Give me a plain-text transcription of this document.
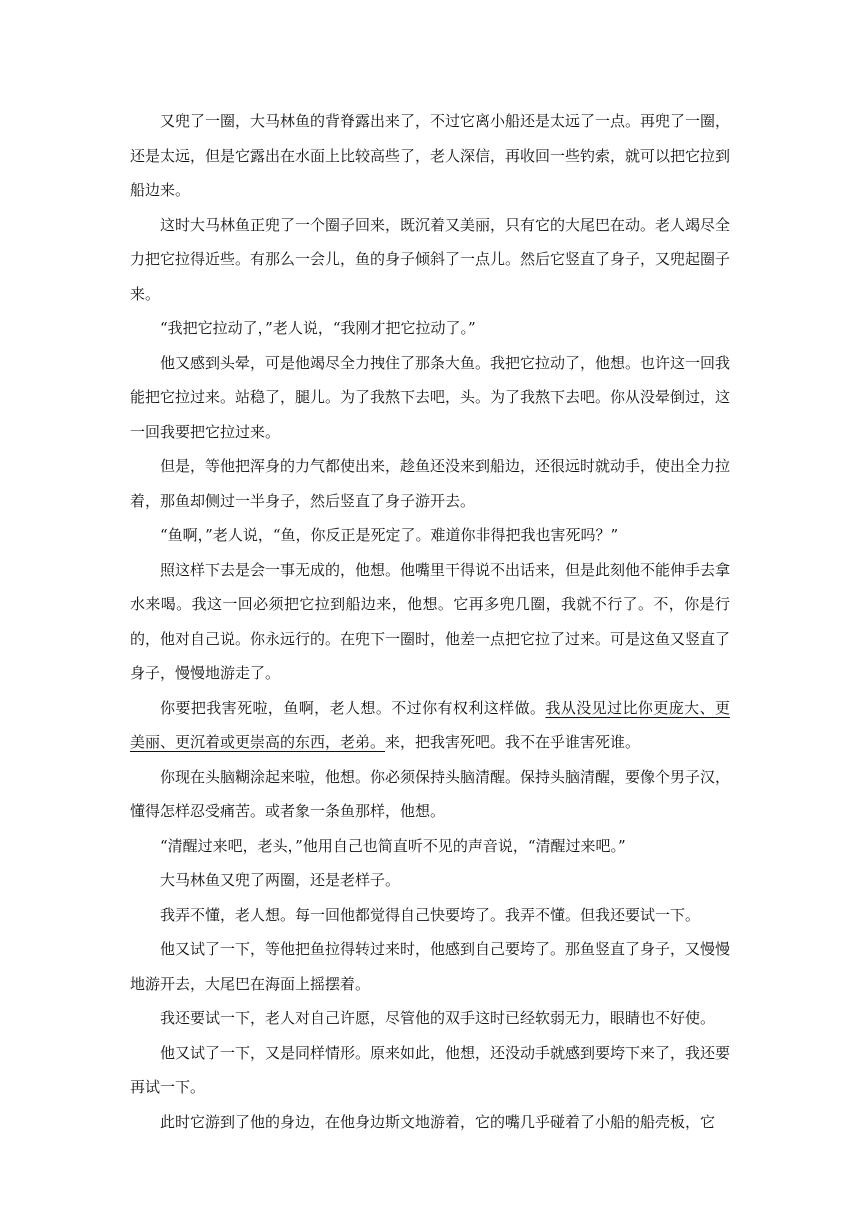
又兜了一圈，大马林鱼的背脊露出来了，不过它离小船还是太远了一点。再兜了一圈，还是太远，但是它露出在水面上比较高些了，老人深信，再收回一些钓索，就可以把它拉到船边来。

这时大马林鱼正兜了一个圈子回来，既沉着又美丽，只有它的大尾巴在动。老人竭尽全力把它拉得近些。有那么一会儿，鱼的身子倾斜了一点儿。然后它竖直了身子，又兜起圈子来。

“我把它拉动了，”老人说，“我刚才把它拉动了。”

他又感到头晕，可是他竭尽全力拽住了那条大鱼。我把它拉动了，他想。也许这一回我能把它拉过来。站稳了，腿儿。为了我熬下去吧，头。为了我熬下去吧。你从没晕倒过，这一回我要把它拉过来。

但是，等他把浑身的力气都使出来，趁鱼还没来到船边，还很远时就动手，使出全力拉着，那鱼却侧过一半身子，然后竖直了身子游开去。

“鱼啊，”老人说，“鱼，你反正是死定了。难道你非得把我也害死吗？”

照这样下去是会一事无成的，他想。他嘴里干得说不出话来，但是此刻他不能伸手去拿水来喝。我这一回必须把它拉到船边来，他想。它再多兜几圈，我就不行了。不，你是行的，他对自己说。你永远行的。在兜下一圈时，他差一点把它拉了过来。可是这鱼又竖直了身子，慢慢地游走了。

你要把我害死啦，鱼啊，老人想。不过你有权利这样做。我从没见过比你更庞大、更美丽、更沉着或更崇高的东西，老弟。来，把我害死吧。我不在乎谁害死谁。

你现在头脑糊涂起来啦，他想。你必须保持头脑清醒。保持头脑清醒，要像个男子汉，懂得怎样忍受痛苦。或者象一条鱼那样，他想。

“清醒过来吧，老头，”他用自己也简直听不见的声音说，“清醒过来吧。”

大马林鱼又兜了两圈，还是老样子。

我弄不懂，老人想。每一回他都觉得自己快要垮了。我弄不懂。但我还要试一下。

他又试了一下，等他把鱼拉得转过来时，他感到自己要垮了。那鱼竖直了身子，又慢慢地游开去，大尾巴在海面上摇摆着。

我还要试一下，老人对自己许愿，尽管他的双手这时已经软弱无力，眼睛也不好使。

他又试了一下，又是同样情形。原来如此，他想，还没动手就感到要垮下来了，我还要再试一下。

此时它游到了他的身边，在他身边斯文地游着，它的嘴几乎碰着了小船的船壳板，它
